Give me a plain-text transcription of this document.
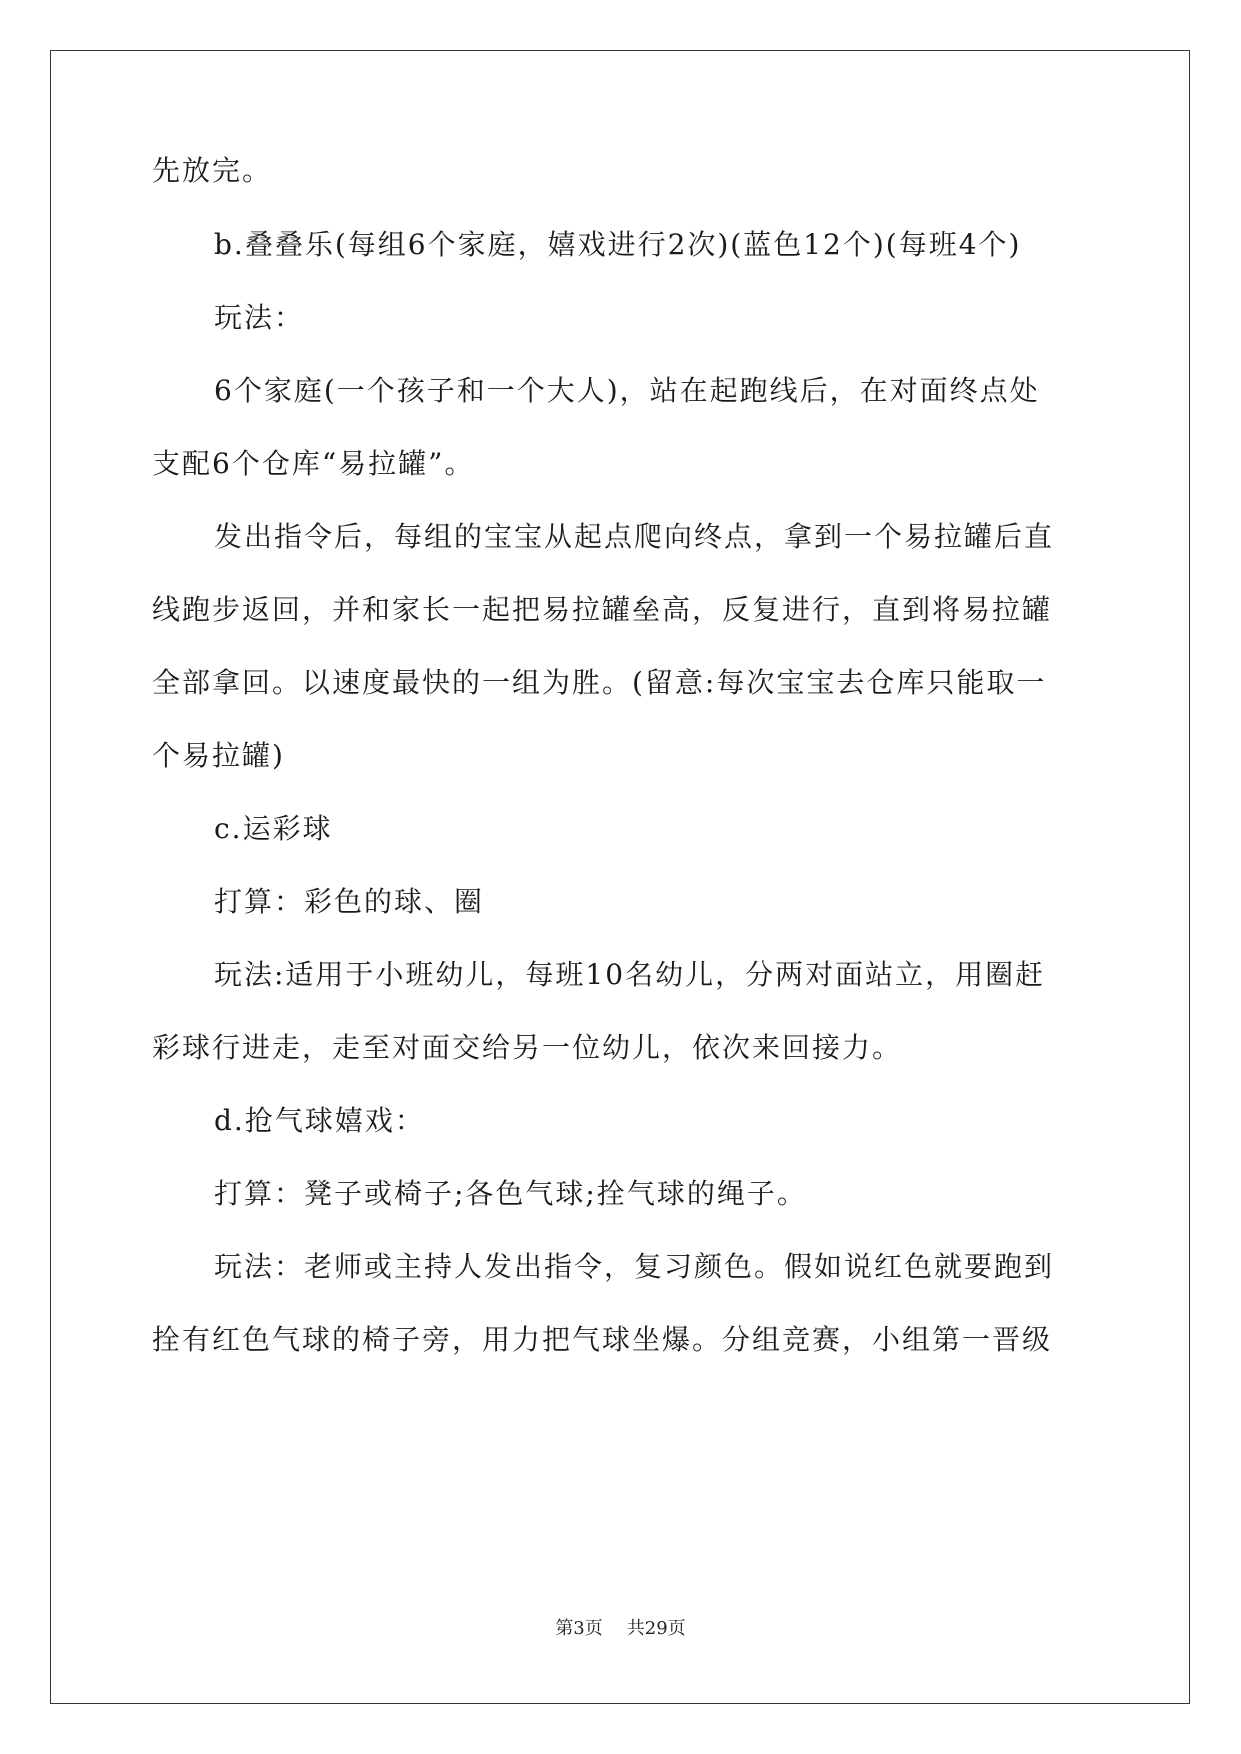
先放完。
b.叠叠乐(每组6个家庭，嬉戏进行2次)(蓝色12个)(每班4个)
玩法：
6个家庭(一个孩子和一个大人)，站在起跑线后，在对面终点处
支配6个仓库“易拉罐”。
发出指令后，每组的宝宝从起点爬向终点，拿到一个易拉罐后直
线跑步返回，并和家长一起把易拉罐垒高，反复进行，直到将易拉罐
全部拿回。以速度最快的一组为胜。(留意:每次宝宝去仓库只能取一
个易拉罐)
c.运彩球
打算：彩色的球、圈
玩法:适用于小班幼儿，每班10名幼儿，分两对面站立，用圈赶
彩球行进走，走至对面交给另一位幼儿，依次来回接力。
d.抢气球嬉戏：
打算：凳子或椅子;各色气球;拴气球的绳子。
玩法：老师或主持人发出指令，复习颜色。假如说红色就要跑到
拴有红色气球的椅子旁，用力把气球坐爆。分组竞赛，小组第一晋级
第3页 共29页
